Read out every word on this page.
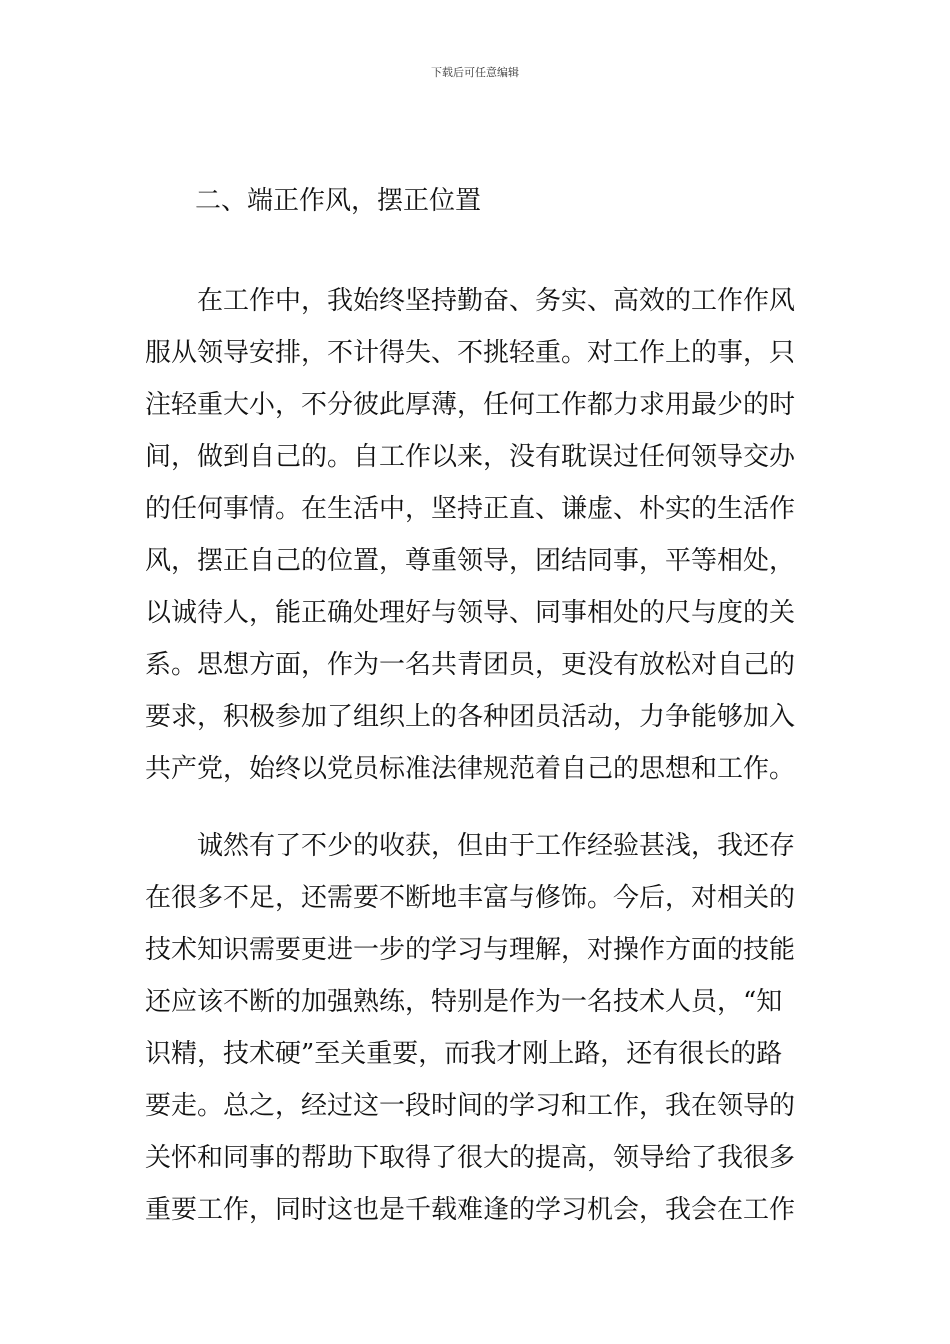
下载后可任意编辑
二、端正作风，摆正位置
在工作中，我始终坚持勤奋、务实、高效的工作作风
服从领导安排，不计得失、不挑轻重。对工作上的事，只
注轻重大小，不分彼此厚薄，任何工作都力求用最少的时
间，做到自己的。自工作以来，没有耽误过任何领导交办
的任何事情。在生活中，坚持正直、谦虚、朴实的生活作
风，摆正自己的位置，尊重领导，团结同事，平等相处，
以诚待人，能正确处理好与领导、同事相处的尺与度的关
系。思想方面，作为一名共青团员，更没有放松对自己的
要求，积极参加了组织上的各种团员活动，力争能够加入
共产党，始终以党员标准法律规范着自己的思想和工作。
诚然有了不少的收获，但由于工作经验甚浅，我还存
在很多不足，还需要不断地丰富与修饰。今后，对相关的
技术知识需要更进一步的学习与理解，对操作方面的技能
还应该不断的加强熟练，特别是作为一名技术人员，“知
识精，技术硬”至关重要，而我才刚上路，还有很长的路
要走。总之，经过这一段时间的学习和工作，我在领导的
关怀和同事的帮助下取得了很大的提高，领导给了我很多
重要工作，同时这也是千载难逢的学习机会，我会在工作
